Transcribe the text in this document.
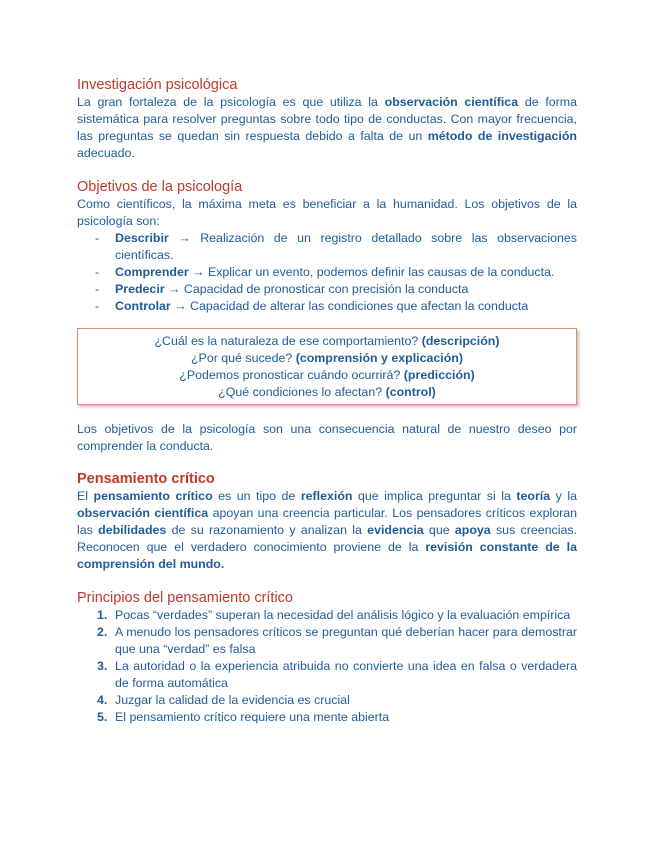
Investigación psicológica

La gran fortaleza de la psicología es que utiliza la observación científica de forma sistemática para resolver preguntas sobre todo tipo de conductas. Con mayor frecuencia, las preguntas se quedan sin respuesta debido a falta de un método de investigación adecuado.

Objetivos de la psicología

Como científicos, la máxima meta es beneficiar a la humanidad. Los objetivos de la psicología son:

- Describir → Realización de un registro detallado sobre las observaciones científicas.
- Comprender → Explicar un evento, podemos definir las causas de la conducta.
- Predecir → Capacidad de pronosticar con precisión la conducta
- Controlar → Capacidad de alterar las condiciones que afectan la conducta
¿Cuál es la naturaleza de ese comportamiento? (descripción)
¿Por qué sucede? (comprensión y explicación)
¿Podemos pronosticar cuándo ocurrirá? (predicción)
¿Qué condiciones lo afectan? (control)

Los objetivos de la psicología son una consecuencia natural de nuestro deseo por comprender la conducta.

Pensamiento crítico

El pensamiento crítico es un tipo de reflexión que implica preguntar si la teoría y la observación científica apoyan una creencia particular. Los pensadores críticos exploran las debilidades de su razonamiento y analizan la evidencia que apoya sus creencias. Reconocen que el verdadero conocimiento proviene de la revisión constante de la comprensión del mundo.

Principios del pensamiento crítico
1. Pocas “verdades” superan la necesidad del análisis lógico y la evaluación empírica
2. A menudo los pensadores críticos se preguntan qué deberían hacer para demostrar que una “verdad” es falsa
3. La autoridad o la experiencia atribuida no convierte una idea en falsa o verdadera de forma automática
4. Juzgar la calidad de la evidencia es crucial
5. El pensamiento crítico requiere una mente abierta
